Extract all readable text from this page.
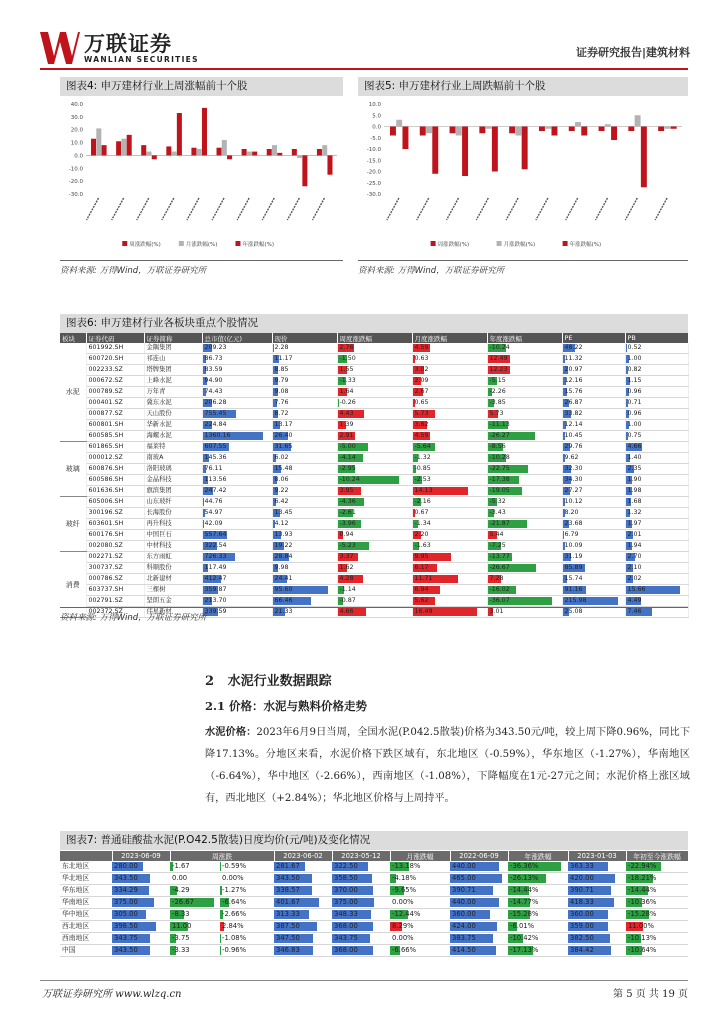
万联证券
WANLIAN SECURITIES
证券研究报告|建筑材料
图表4: 申万建材行业上周涨幅前十个股
40.0
30.0
20.0
10.0
0.0
-10.0
-20.0
-30.0
周涨跌幅(%)	月涨跌幅(%)	年涨跌幅(%)
资料来源: 万得Wind，万联证券研究所
图表5: 申万建材行业上周跌幅前十个股
10.0
5.0
0.0
-5.0
-10.0
-15.0
-20.0
-25.0
-30.0
周涨跌幅(%)	月涨跌幅(%)	年涨跌幅(%)
资料来源: 万得Wind，万联证券研究所
图表6: 申万建材行业各板块重点个股情况
板块	证券代码	证券简称	总市值(亿元)	现价	周度涨跌幅	月度涨跌幅	年度涨跌幅	PE	PB
水泥	601992.SH	金隅集团	209.23	2.28	2.76	4.59	-10.24	48.22	0.52
	600720.SH	祁连山	86.73	11.17	-1.50	0.63	12.49	11.32	1.00
	002233.SZ	塔牌集团	83.59	8.85	1.55	3.02	12.23	20.97	0.82
	000672.SZ	上峰水泥	94.90	9.79	-1.33	2.09	-5.15	12.16	1.15
	000789.SZ	万年青	74.43	9.08	1.64	2.67	-2.26	15.76	0.96
	000401.SZ	冀东水泥	206.28	7.76	-0.26	0.65	-3.85	26.87	0.71
	000877.SZ	天山股份	755.45	8.72	4.43	5.73	5.73	33.82	0.96
	600801.SH	华新水泥	224.84	13.17	1.39	3.62	-11.13	12.14	1.00
	600585.SH	海螺水泥	1360.16	26.40	2.91	4.59	-26.27	10.45	0.75
玻璃	601865.SH	福莱特	607.55	31.65	-5.00	-5.64	-8.56	29.76	4.66
	000012.SZ	南玻A	145.36	6.02	-4.14	-1.32	-10.28	9.62	1.40
	600876.SH	洛阳玻璃	76.11	15.48	-2.95	-0.85	-22.75	32.30	2.35
	600586.SH	金晶科技	113.56	8.06	-10.24	-2.53	-17.38	34.30	1.90
	601636.SH	旗滨集团	247.42	9.22	3.95	14.13	-19.05	27.27	1.98
玻纤	605006.SH	山东玻纤	44.76	6.42	-4.36	-2.16	-5.32	10.12	1.68
	300196.SZ	长海股份	54.97	13.45	-2.61	0.67	-3.43	8.20	1.32
	603601.SH	再升科技	42.09	4.12	-3.96	-1.34	-21.87	23.68	1.97
	600176.SH	中国巨石	557.64	13.93	0.94	2.20	5.44	6.79	2.01
	002080.SZ	中材科技	322.54	19.22	-5.23	-1.63	-7.25	10.09	1.94
消费	002271.SZ	东方雨虹	726.33	28.84	3.37	9.95	-13.77	31.19	2.70
	300737.SZ	科顺股份	117.49	9.98	1.62	6.17	-26.67	85.89	2.10
	000786.SZ	北新建材	412.47	24.41	4.28	11.71	7.28	15.74	2.02
	603737.SH	三棵树	359.87	95.60	-1.14	6.94	-16.02	91.16	15.66
	002791.SZ	坚朗五金	213.70	66.46	-0.87	5.62	-36.07	215.98	4.49
	002372.SZ	伟星新材	339.59	21.33	4.66	16.49	3.01	25.08	7.46
资料来源: 万得Wind，万联证券研究所
2 水泥行业数据跟踪
2.1 价格：水泥与熟料价格走势
水泥价格：2023年6月9日当周，全国水泥(P.042.5散装)价格为343.50元/吨，较上周下降0.96%，同比下降17.13%。分地区来看，水泥价格下跌区域有，东北地区（-0.59%），华东地区（-1.27%），华南地区（-6.64%），华中地区（-2.66%），西南地区（-1.08%），下降幅度在1元-27元之间；水泥价格上涨区域有，西北地区（+2.84%）；华北地区价格与上周持平。
图表7: 普通硅酸盐水泥(P.O42.5散装)日度均价(元/吨)及变化情况
	2023-06-09	周涨跌		2023-06-02	2023-05-12	月涨跌幅	2022-06-09	年涨跌幅	2023-01-03	年初至今涨跌幅
东北地区	280.00	-1.67	-0.59%	281.67	322.50	-13.18%	440.00	-36.36%	363.33	-22.94%
华北地区	343.50	0.00	0.00%	343.50	358.50	-4.18%	465.00	-26.13%	420.00	-18.21%
华东地区	334.29	-4.29	-1.27%	338.57	370.00	-9.65%	390.71	-14.44%	390.71	-14.44%
华南地区	375.00	-26.67	-6.64%	401.67	375.00	0.00%	440.00	-14.77%	418.33	-10.36%
华中地区	305.00	-8.33	-2.66%	313.33	348.33	-12.44%	360.00	-15.28%	360.00	-15.28%
西北地区	398.50	11.00	2.84%	387.50	368.00	8.29%	424.00	-6.01%	359.00	11.00%
西南地区	343.75	-3.75	-1.08%	347.50	343.75	0.00%	383.75	-10.42%	382.50	-10.13%
中国	343.50	-3.33	-0.96%	346.83	368.00	-6.66%	414.50	-17.13%	384.42	-10.64%
万联证券研究所 www.wlzq.cn	第 5 页 共 19 页
